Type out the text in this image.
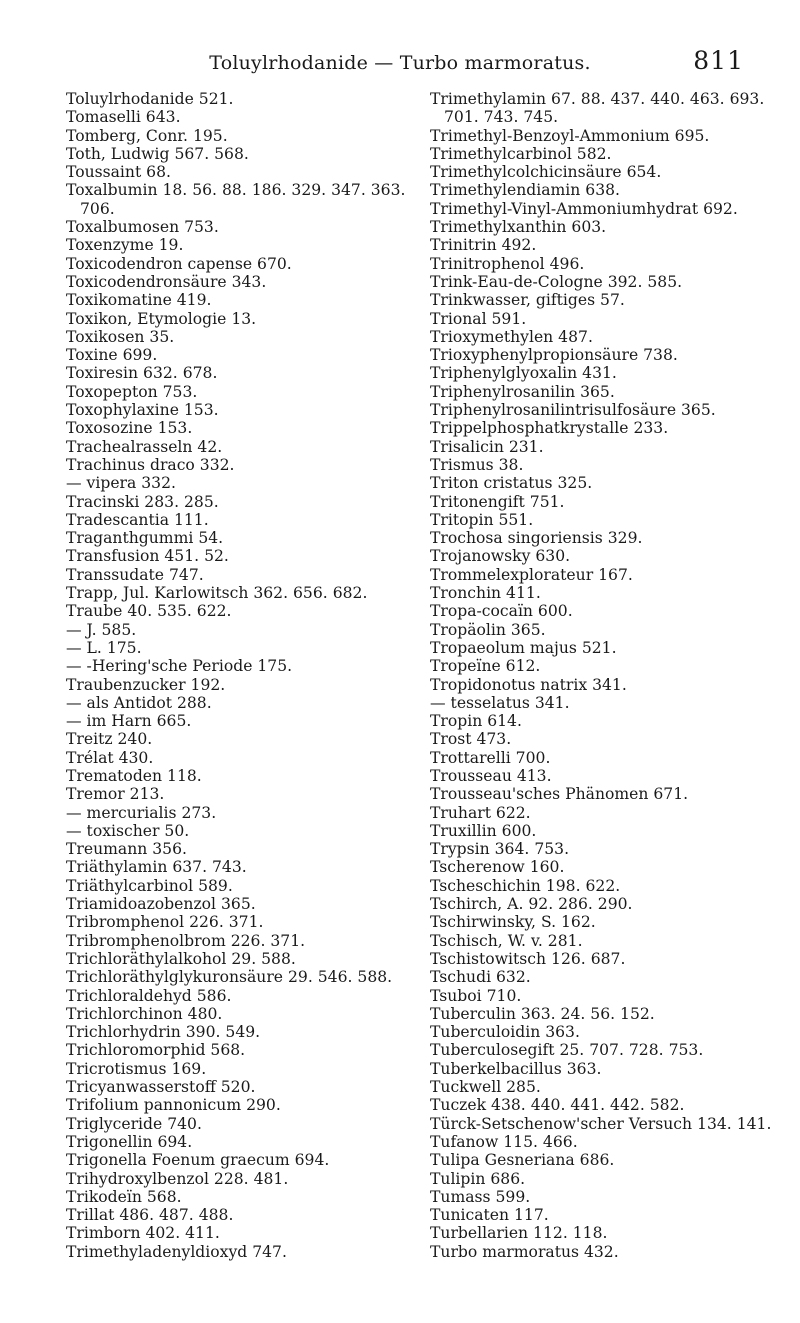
Toluylrhodanide — Turbo marmoratus.	811
Toluylrhodanide 521.
Tomaselli 643.
Tomberg, Conr. 195.
Toth, Ludwig 567. 568.
Toussaint 68.
Toxalbumin 18. 56. 88. 186. 329. 347. 363. 706.
Toxalbumosen 753.
Toxenzyme 19.
Toxicodendron capense 670.
Toxicodendronsäure 343.
Toxikomatine 419.
Toxikon, Etymologie 13.
Toxikosen 35.
Toxine 699.
Toxiresin 632. 678.
Toxopepton 753.
Toxophylaxine 153.
Toxosozine 153.
Trachealrasseln 42.
Trachinus draco 332.
— vipera 332.
Tracinski 283. 285.
Tradescantia 111.
Traganthgummi 54.
Transfusion 451. 52.
Transsudate 747.
Trapp, Jul. Karlowitsch 362. 656. 682.
Traube 40. 535. 622.
— J. 585.
— L. 175.
— -Hering'sche Periode 175.
Traubenzucker 192.
— als Antidot 288.
— im Harn 665.
Treitz 240.
Trélat 430.
Trematoden 118.
Tremor 213.
— mercurialis 273.
— toxischer 50.
Treumann 356.
Triäthylamin 637. 743.
Triäthylcarbinol 589.
Triamidoazobenzol 365.
Tribromphenol 226. 371.
Tribromphenolbrom 226. 371.
Trichloräthylalkohol 29. 588.
Trichloräthylglykuronsäure 29. 546. 588.
Trichloraldehyd 586.
Trichlorchinon 480.
Trichlorhydrin 390. 549.
Trichloromorphid 568.
Tricrotismus 169.
Tricyanwasserstoff 520.
Trifolium pannonicum 290.
Triglyceride 740.
Trigonellin 694.
Trigonella Foenum graecum 694.
Trihydroxylbenzol 228. 481.
Trikodeïn 568.
Trillat 486. 487. 488.
Trimborn 402. 411.
Trimethyladenyldioxyd 747.
Trimethylamin 67. 88. 437. 440. 463. 693. 701. 743. 745.
Trimethyl-Benzoyl-Ammonium 695.
Trimethylcarbinol 582.
Trimethylcolchicinsäure 654.
Trimethylendiamin 638.
Trimethyl-Vinyl-Ammoniumhydrat 692.
Trimethylxanthin 603.
Trinitrin 492.
Trinitrophenol 496.
Trink-Eau-de-Cologne 392. 585.
Trinkwasser, giftiges 57.
Trional 591.
Trioxymethylen 487.
Trioxyphenylpropionsäure 738.
Triphenylglyoxalin 431.
Triphenylrosanilin 365.
Triphenylrosanilintrisulfosäure 365.
Trippelphosphatkrystalle 233.
Trisalicin 231.
Trismus 38.
Triton cristatus 325.
Tritonengift 751.
Tritopin 551.
Trochosa singoriensis 329.
Trojanowsky 630.
Trommelexplorateur 167.
Tronchin 411.
Tropa-cocaïn 600.
Tropäolin 365.
Tropaeolum majus 521.
Tropeïne 612.
Tropidonotus natrix 341.
— tesselatus 341.
Tropin 614.
Trost 473.
Trottarelli 700.
Trousseau 413.
Trousseau'sches Phänomen 671.
Truhart 622.
Truxillin 600.
Trypsin 364. 753.
Tscherenow 160.
Tscheschichin 198. 622.
Tschirch, A. 92. 286. 290.
Tschirwinsky, S. 162.
Tschisch, W. v. 281.
Tschistowitsch 126. 687.
Tschudi 632.
Tsuboi 710.
Tuberculin 363. 24. 56. 152.
Tuberculoidin 363.
Tuberculosegift 25. 707. 728. 753.
Tuberkelbacillus 363.
Tuckwell 285.
Tuczek 438. 440. 441. 442. 582.
Türck-Setschenow'scher Versuch 134. 141.
Tufanow 115. 466.
Tulipa Gesneriana 686.
Tulipin 686.
Tumass 599.
Tunicaten 117.
Turbellarien 112. 118.
Turbo marmoratus 432.
